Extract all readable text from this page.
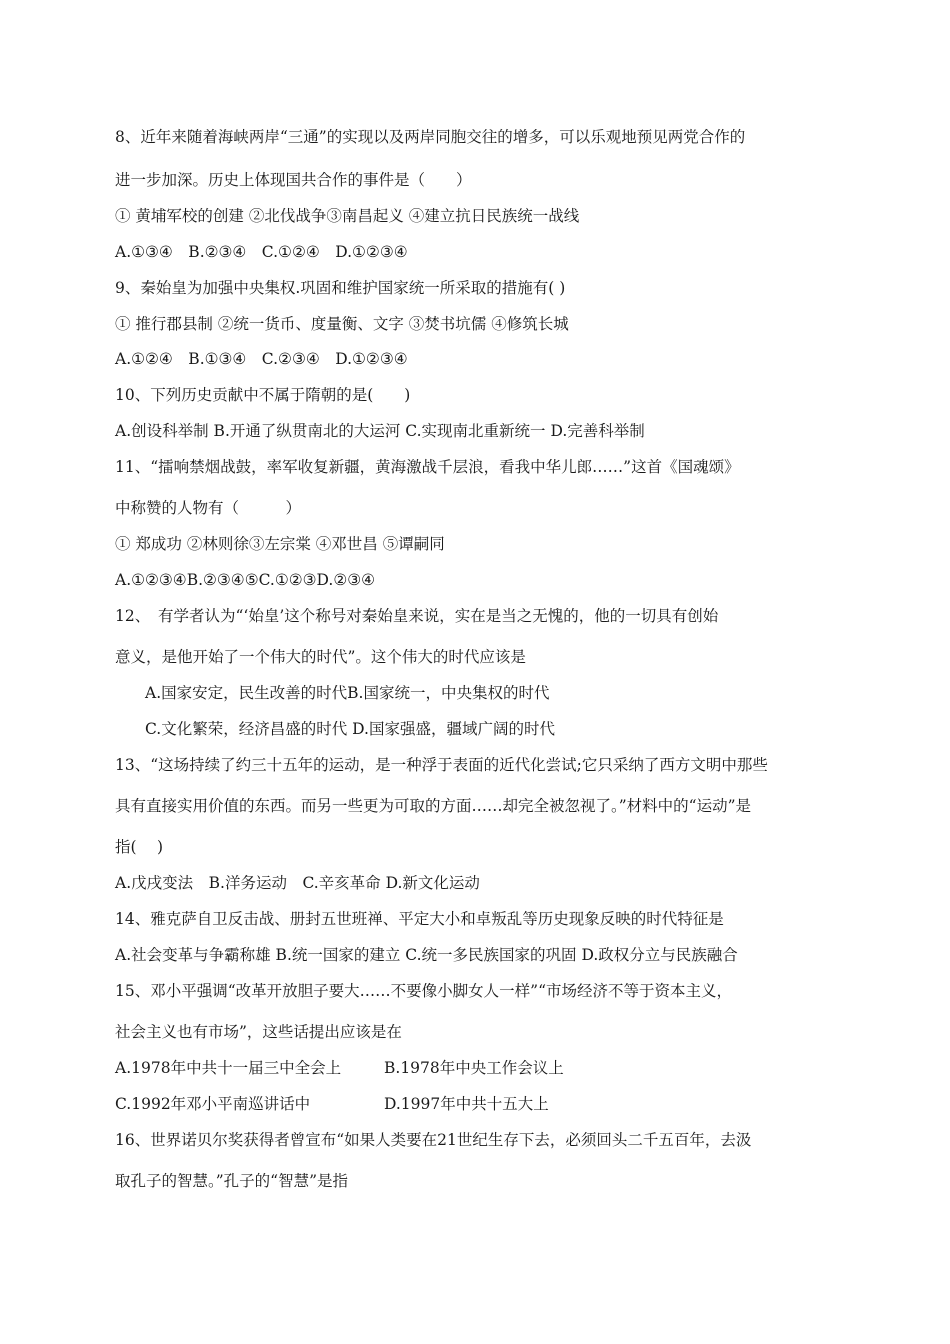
8、近年来随着海峡两岸“三通”的实现以及两岸同胞交往的增多，可以乐观地预见两党合作的
进一步加深。历史上体现国共合作的事件是（　　）
① 黄埔军校的创建 ②北伐战争③南昌起义 ④建立抗日民族统一战线
A.①③④　B.②③④　C.①②④　D.①②③④
9、秦始皇为加强中央集权.巩固和维护国家统一所采取的措施有( )
① 推行郡县制 ②统一货币、度量衡、文字 ③焚书坑儒 ④修筑长城
A.①②④　B.①③④　C.②③④　D.①②③④
10、下列历史贡献中不属于隋朝的是(　　)
A.创设科举制 B.开通了纵贯南北的大运河 C.实现南北重新统一 D.完善科举制
11、“擂响禁烟战鼓，率军收复新疆，黄海激战千层浪，看我中华儿郎……”这首《国魂颂》
中称赞的人物有（　　　）
① 郑成功 ②林则徐③左宗棠 ④邓世昌 ⑤谭嗣同
A.①②③④B.②③④⑤C.①②③D.②③④
12、　有学者认为“‘始皇’这个称号对秦始皇来说，实在是当之无愧的，他的一切具有创始
意义，是他开始了一个伟大的时代”。这个伟大的时代应该是
A.国家安定，民生改善的时代B.国家统一，中央集权的时代
C.文化繁荣，经济昌盛的时代 D.国家强盛，疆域广阔的时代
13、“这场持续了约三十五年的运动，是一种浮于表面的近代化尝试;它只采纳了西方文明中那些
具有直接实用价值的东西。而另一些更为可取的方面……却完全被忽视了。”材料中的“运动”是
指(　 )
A.戊戌变法　B.洋务运动　C.辛亥革命 D.新文化运动
14、雅克萨自卫反击战、册封五世班禅、平定大小和卓叛乱等历史现象反映的时代特征是
A.社会变革与争霸称雄 B.统一国家的建立 C.统一多民族国家的巩固 D.政权分立与民族融合
15、邓小平强调“改革开放胆子要大……不要像小脚女人一样”“市场经济不等于资本主义，
社会主义也有市场”，这些话提出应该是在
A.1978年中共十一届三中全会上	B.1978年中央工作会议上
C.1992年邓小平南巡讲话中	D.1997年中共十五大上
16、世界诺贝尔奖获得者曾宣布“如果人类要在21世纪生存下去，必须回头二千五百年，去汲
取孔子的智慧。”孔子的“智慧”是指
